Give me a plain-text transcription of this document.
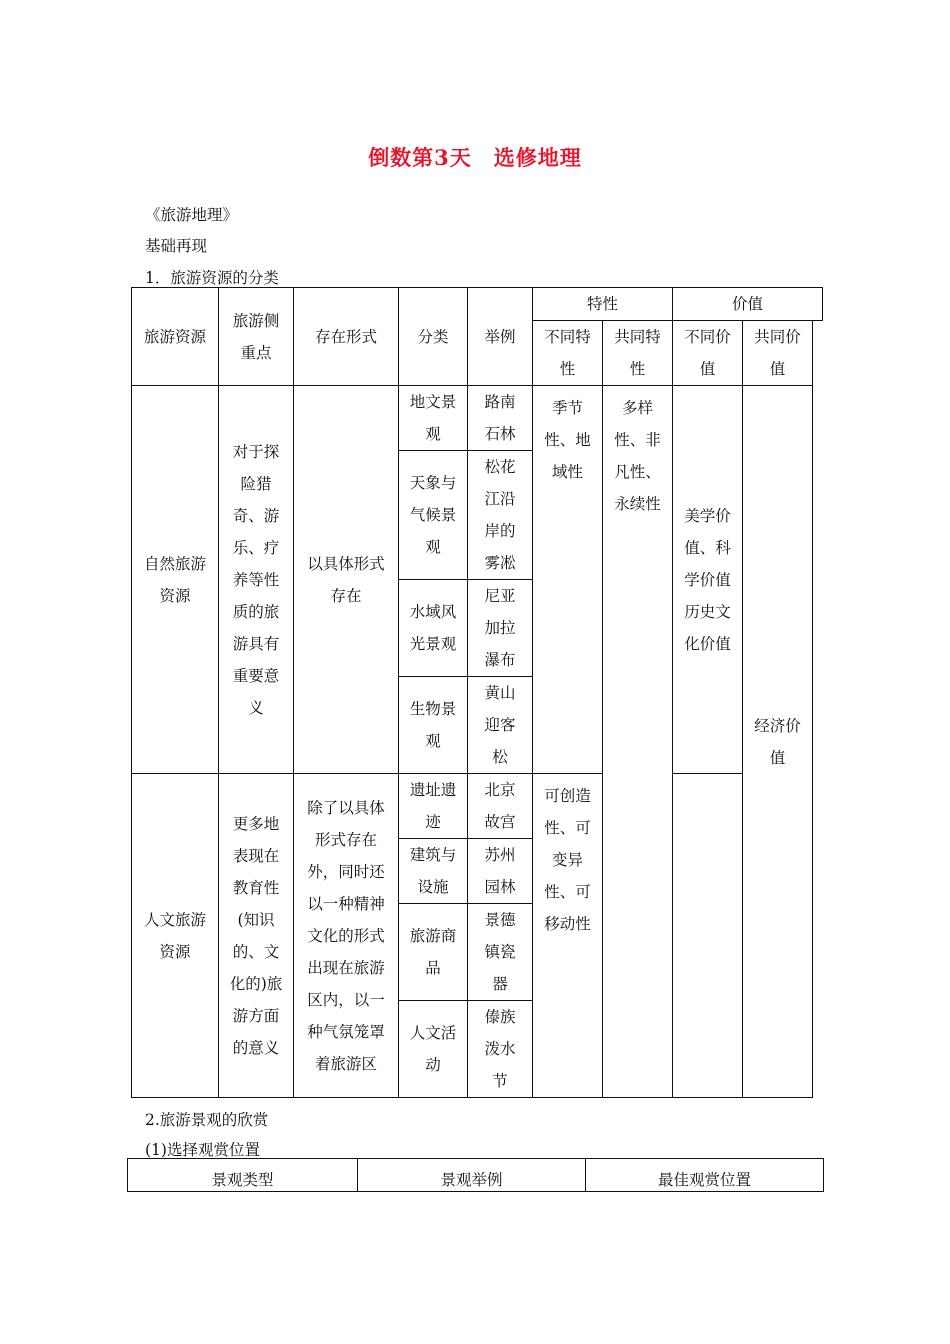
倒数第3天　选修地理
《旅游地理》
基础再现
1．旅游资源的分类
旅游资源	旅游侧重点	存在形式	分类	举例	特性		价值		
					不同特性	共同特性	不同价值	共同价值	
自然旅游资源	对于探险猎奇、游乐、疗养等性质的旅游具有重要意义	以具体形式存在	地文景观	路南石林	季节性、地域性	多样性、非凡性、永续性	美学价值、科学价值历史文化价值	经济价值	
			天象与气候景观	松花江沿岸的雾凇					
			水域风光景观	尼亚加拉瀑布					
			生物景观	黄山迎客松					
人文旅游资源	更多地表现在教育性(知识的、文化的)旅游方面的意义	除了以具体形式存在外，同时还以一种精神文化的形式出现在旅游区内，以一种气氛笼罩着旅游区	遗址遗迹	北京故宫	可创造性、可变异性、可移动性				
			建筑与设施	苏州园林					
			旅游商品	景德镇瓷器					
			人文活动	傣族泼水节					
2.旅游景观的欣赏
(1)选择观赏位置
景观类型	景观举例	最佳观赏位置
